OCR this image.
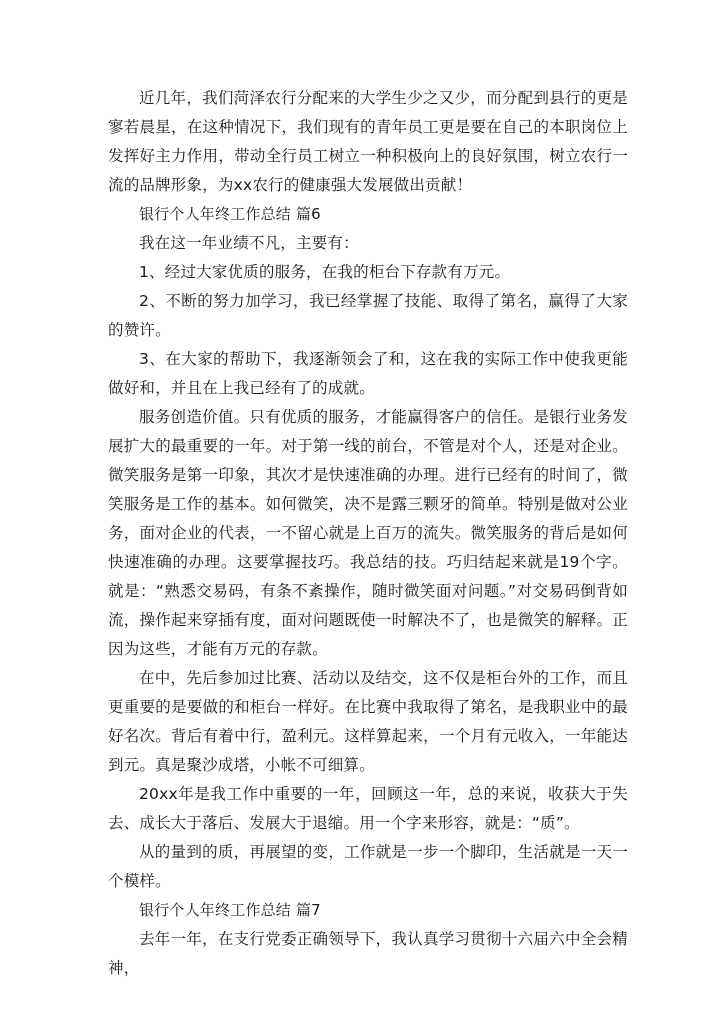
近几年，我们菏泽农行分配来的大学生少之又少，而分配到县行的更是寥若晨星，在这种情况下，我们现有的青年员工更是要在自己的本职岗位上发挥好主力作用，带动全行员工树立一种积极向上的良好氛围，树立农行一流的品牌形象，为xx农行的健康强大发展做出贡献！

银行个人年终工作总结 篇6

我在这一年业绩不凡，主要有：

1、经过大家优质的服务，在我的柜台下存款有万元。

2、不断的努力加学习，我已经掌握了技能、取得了第名，赢得了大家的赞许。

3、在大家的帮助下，我逐渐领会了和，这在我的实际工作中使我更能做好和，并且在上我已经有了的成就。

服务创造价值。只有优质的服务，才能赢得客户的信任。是银行业务发展扩大的最重要的一年。对于第一线的前台，不管是对个人，还是对企业。微笑服务是第一印象，其次才是快速准确的办理。进行已经有的时间了，微笑服务是工作的基本。如何微笑，决不是露三颗牙的简单。特别是做对公业务，面对企业的代表，一不留心就是上百万的流失。微笑服务的背后是如何快速准确的办理。这要掌握技巧。我总结的技。巧归结起来就是19个字。就是：“熟悉交易码，有条不紊操作，随时微笑面对问题。”对交易码倒背如流，操作起来穿插有度，面对问题既使一时解决不了，也是微笑的解释。正因为这些，才能有万元的存款。

在中，先后参加过比赛、活动以及结交，这不仅是柜台外的工作，而且更重要的是要做的和柜台一样好。在比赛中我取得了第名，是我职业中的最好名次。背后有着中行，盈利元。这样算起来，一个月有元收入，一年能达到元。真是聚沙成塔，小帐不可细算。

20xx年是我工作中重要的一年，回顾这一年，总的来说，收获大于失去、成长大于落后、发展大于退缩。用一个字来形容，就是：“质”。

从的量到的质，再展望的变，工作就是一步一个脚印，生活就是一天一个模样。

银行个人年终工作总结 篇7

去年一年，在支行党委正确领导下，我认真学习贯彻十六届六中全会精神，
